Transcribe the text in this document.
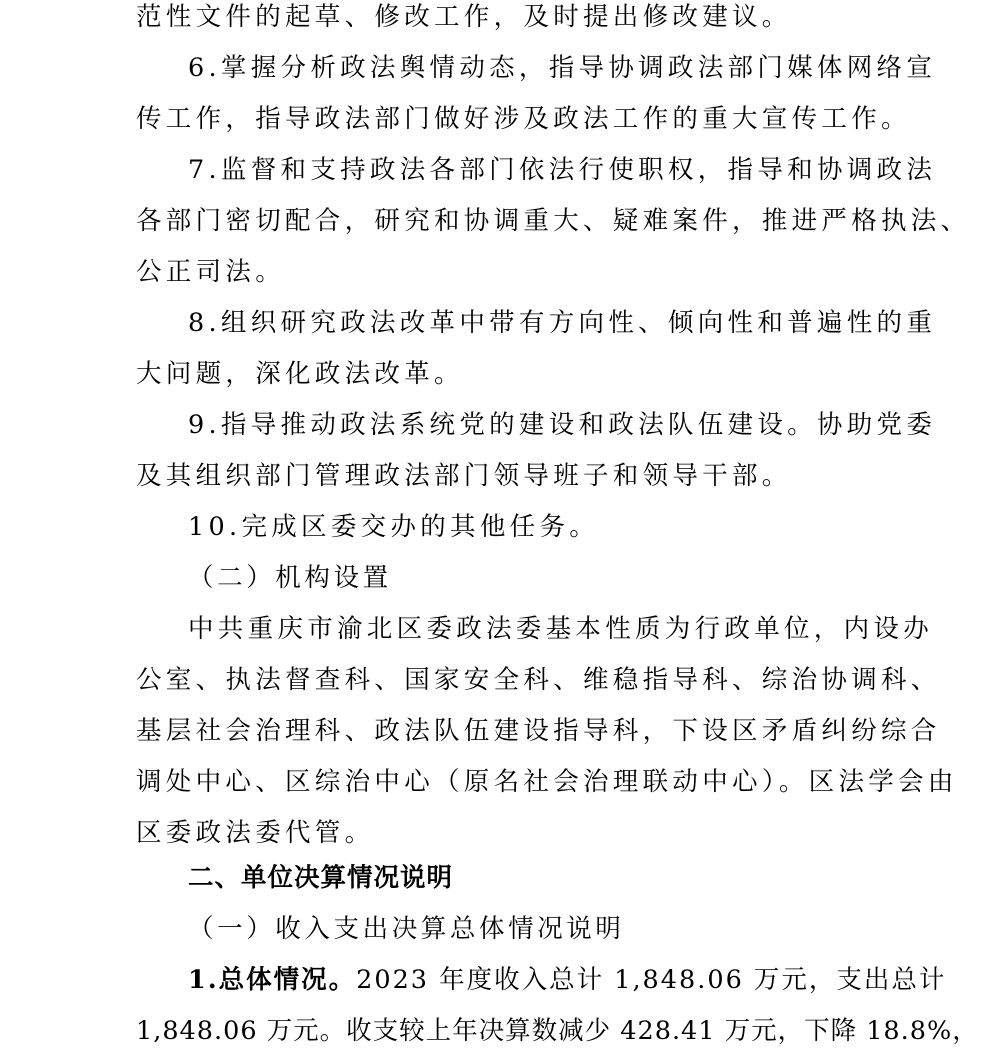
范性文件的起草、修改工作，及时提出修改建议。
6.掌握分析政法舆情动态，指导协调政法部门媒体网络宣
传工作，指导政法部门做好涉及政法工作的重大宣传工作。
7.监督和支持政法各部门依法行使职权，指导和协调政法
各部门密切配合，研究和协调重大、疑难案件，推进严格执法、
公正司法。
8.组织研究政法改革中带有方向性、倾向性和普遍性的重
大问题，深化政法改革。
9.指导推动政法系统党的建设和政法队伍建设。协助党委
及其组织部门管理政法部门领导班子和领导干部。
10.完成区委交办的其他任务。
（二）机构设置
中共重庆市渝北区委政法委基本性质为行政单位，内设办
公室、执法督查科、国家安全科、维稳指导科、综治协调科、
基层社会治理科、政法队伍建设指导科，下设区矛盾纠纷综合
调处中心、区综治中心（原名社会治理联动中心）。区法学会由
区委政法委代管。
二、单位决算情况说明
（一）收入支出决算总体情况说明
1.总体情况。2023 年度收入总计 1,848.06 万元，支出总计
1,848.06 万元。收支较上年决算数减少 428.41 万元，下降 18.8%，
